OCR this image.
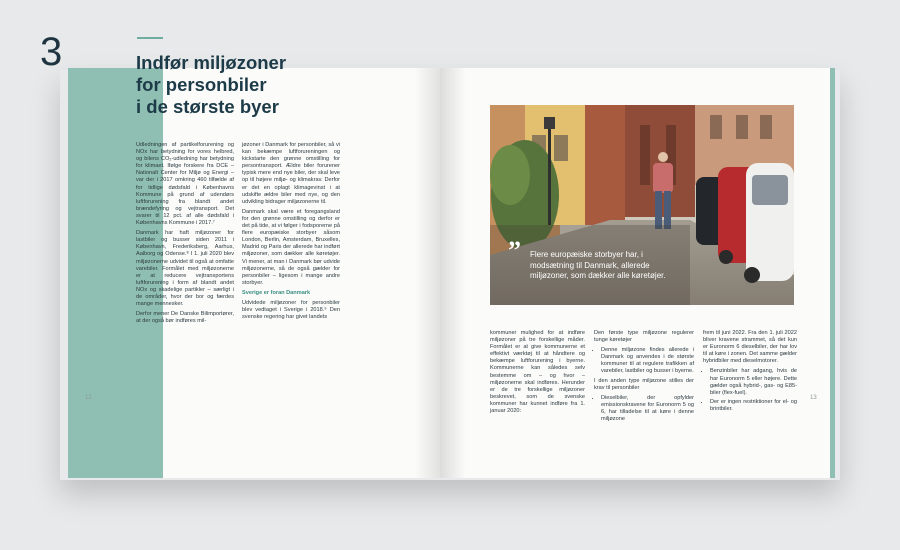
3	Indfør miljøzoner
for personbiler
i de største byer

Udledningen af partikelforurening og NOx har betydning for vores helbred, og bilens CO₂-udledning har betydning for klimaet. Ifølge forskere fra DCE – Nationalt Center for Miljø og Energi – var der i 2017 omkring 460 tilfælde af for tidlige dødsfald i Københavns Kommune på grund af udendørs luftforurening fra blandt andet brændefyring og vejtransport. Det svarer til 12 pct. af alle dødsfald i Københavns Kommune i 2017.⁷

Danmark har haft miljøzoner for lastbiler og busser siden 2011 i København, Frederiksberg, Aarhus, Aalborg og Odense.⁸ I 1. juli 2020 blev miljøzonerne udvidet til også at omfatte varebiler. Formålet med miljøzonerne er at reducere vejtransportens luftforurening i form af blandt andet NOx og skadelige partikler – særligt i de områder, hvor der bor og færdes mange mennesker.

Derfor mener De Danske Bilimportører, at der også bør indføres mil-

jøzoner i Danmark for personbiler, så vi kan bekæmpe luftforureningen og kickstarte den grønne omstilling for persontransport. Ældre biler forurener typisk mere end nye biler, der skal leve op til højere miljø- og klimakrav. Derfor er det en oplagt klimagevinst i at udskifte ældre biler med nye, og den udvikling bidrager miljøzonerne til.

Danmark skal være et foregangsland for den grønne omstilling og derfor er det på tide, at vi følger i fodsporerne på flere europæiske storbyer såsom London, Berlin, Amsterdam, Bruxelles, Madrid og Paris der allerede har indført miljøzoner, som dækker alle køretøjer. Vi mener, at man i Danmark bør udvide miljøzonerne, så de også gælder for personbiler – ligesom i mange andre storbyer.

Sverige er foran Danmark

Udvidede miljøzoner for personbiler blev vedtaget i Sverige i 2018.⁹ Den svenske regering har givet landets

12
” Flere europæiske storbyer har, i modsætning til Danmark, allerede miljøzoner, som dækker alle køretøjer.

kommuner mulighed for at indføre miljøzoner på tre forskellige måder. Formålet er at give kommunerne et effektivt værktøj til at håndtere og bekæmpe luftforurening i byerne. Kommunerne kan således selv bestemme om – og hvor – miljøzonerne skal indføres. Herunder er de tre forskellige miljøzoner beskrevet, som de svenske kommuner har kunnet indføre fra 1. januar 2020:

Den første type miljøzone regulerer tunge køretøjer

• Denne miljøzone findes allerede i Danmark og anvendes i de største kommuner til at regulere trafikken af varebiler, lastbiler og busser i byerne.

I den anden type miljøzone stilles der krav til personbiler

• Dieselbiler, der opfylder emissionskravene for Euronorm 5 og 6, har tilladelse til at køre i denne miljøzone

frem til juni 2022. Fra den 1. juli 2022 bliver kravene strammet, så det kun er Euronorm 6 dieselbiler, der har lov til at køre i zonen. Det samme gælder hybridbiler med dieselmotorer.

• Benzinbiler har adgang, hvis de har Euronorm 5 eller højere. Dette gælder også hybrid-, gas- og E85-biler (flex-fuel).
• Der er ingen restriktioner for el- og brintbiler.
13
